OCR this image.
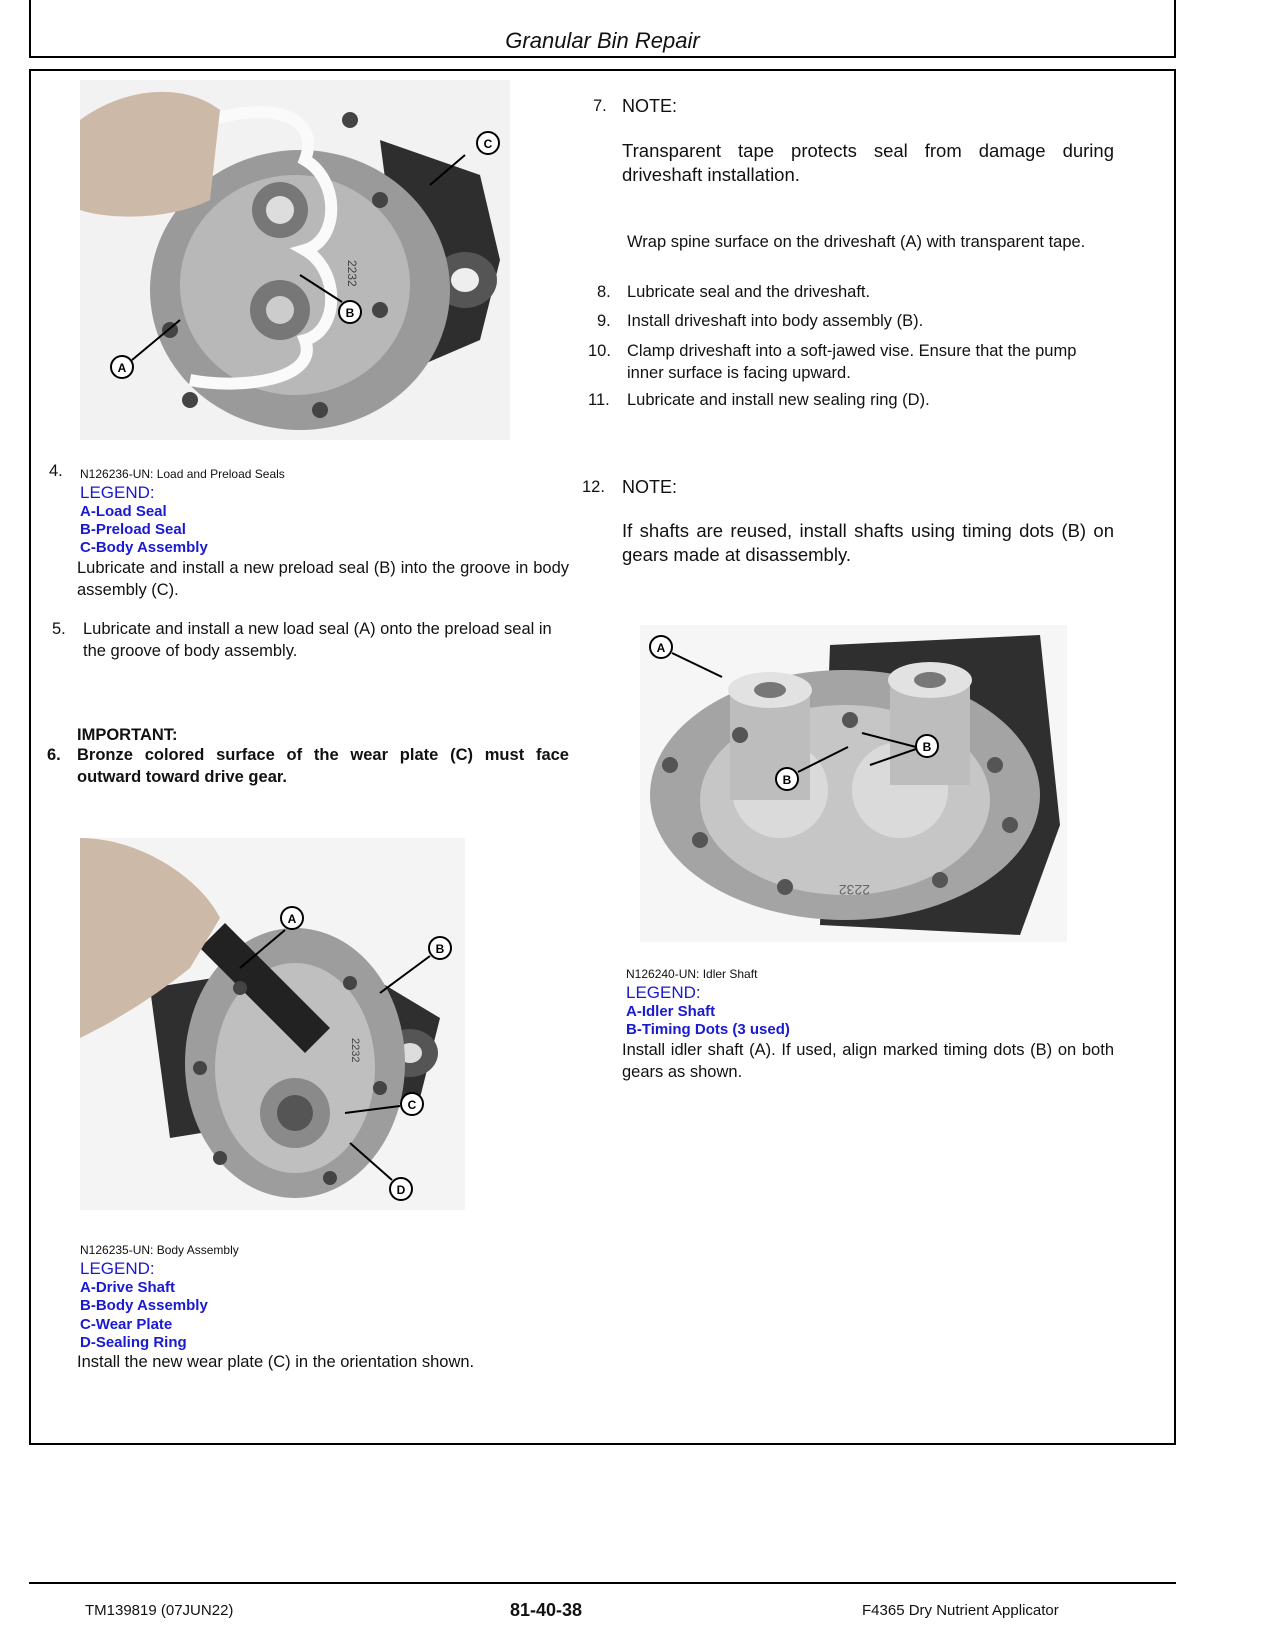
Granular Bin Repair
2232
C
B
A
4. N126236-UN: Load and Preload Seals
LEGEND:
A-Load Seal
B-Preload Seal
C-Body Assembly
Lubricate and install a new preload seal (B) into the groove in body assembly (C).
5. Lubricate and install a new load seal (A) onto the preload seal in the groove of body assembly.
IMPORTANT:
6. Bronze colored surface of the wear plate (C) must face outward toward drive gear.
2232
A
B
C
D
N126235-UN: Body Assembly
LEGEND:
A-Drive Shaft
B-Body Assembly
C-Wear Plate
D-Sealing Ring
Install the new wear plate (C) in the orientation shown.
7. NOTE:
Transparent tape protects seal from damage during driveshaft installation.
Wrap spine surface on the driveshaft (A) with transparent tape.
8. Lubricate seal and the driveshaft.
9. Install driveshaft into body assembly (B).
10. Clamp driveshaft into a soft-jawed vise. Ensure that the pump inner surface is facing upward.
11. Lubricate and install new sealing ring (D).
12. NOTE:
If shafts are reused, install shafts using timing dots (B) on gears made at disassembly.
2232
A
B
B
N126240-UN: Idler Shaft
LEGEND:
A-Idler Shaft
B-Timing Dots (3 used)
Install idler shaft (A). If used, align marked timing dots (B) on both gears as shown.
TM139819 (07JUN22)	81-40-38	F4365 Dry Nutrient Applicator
